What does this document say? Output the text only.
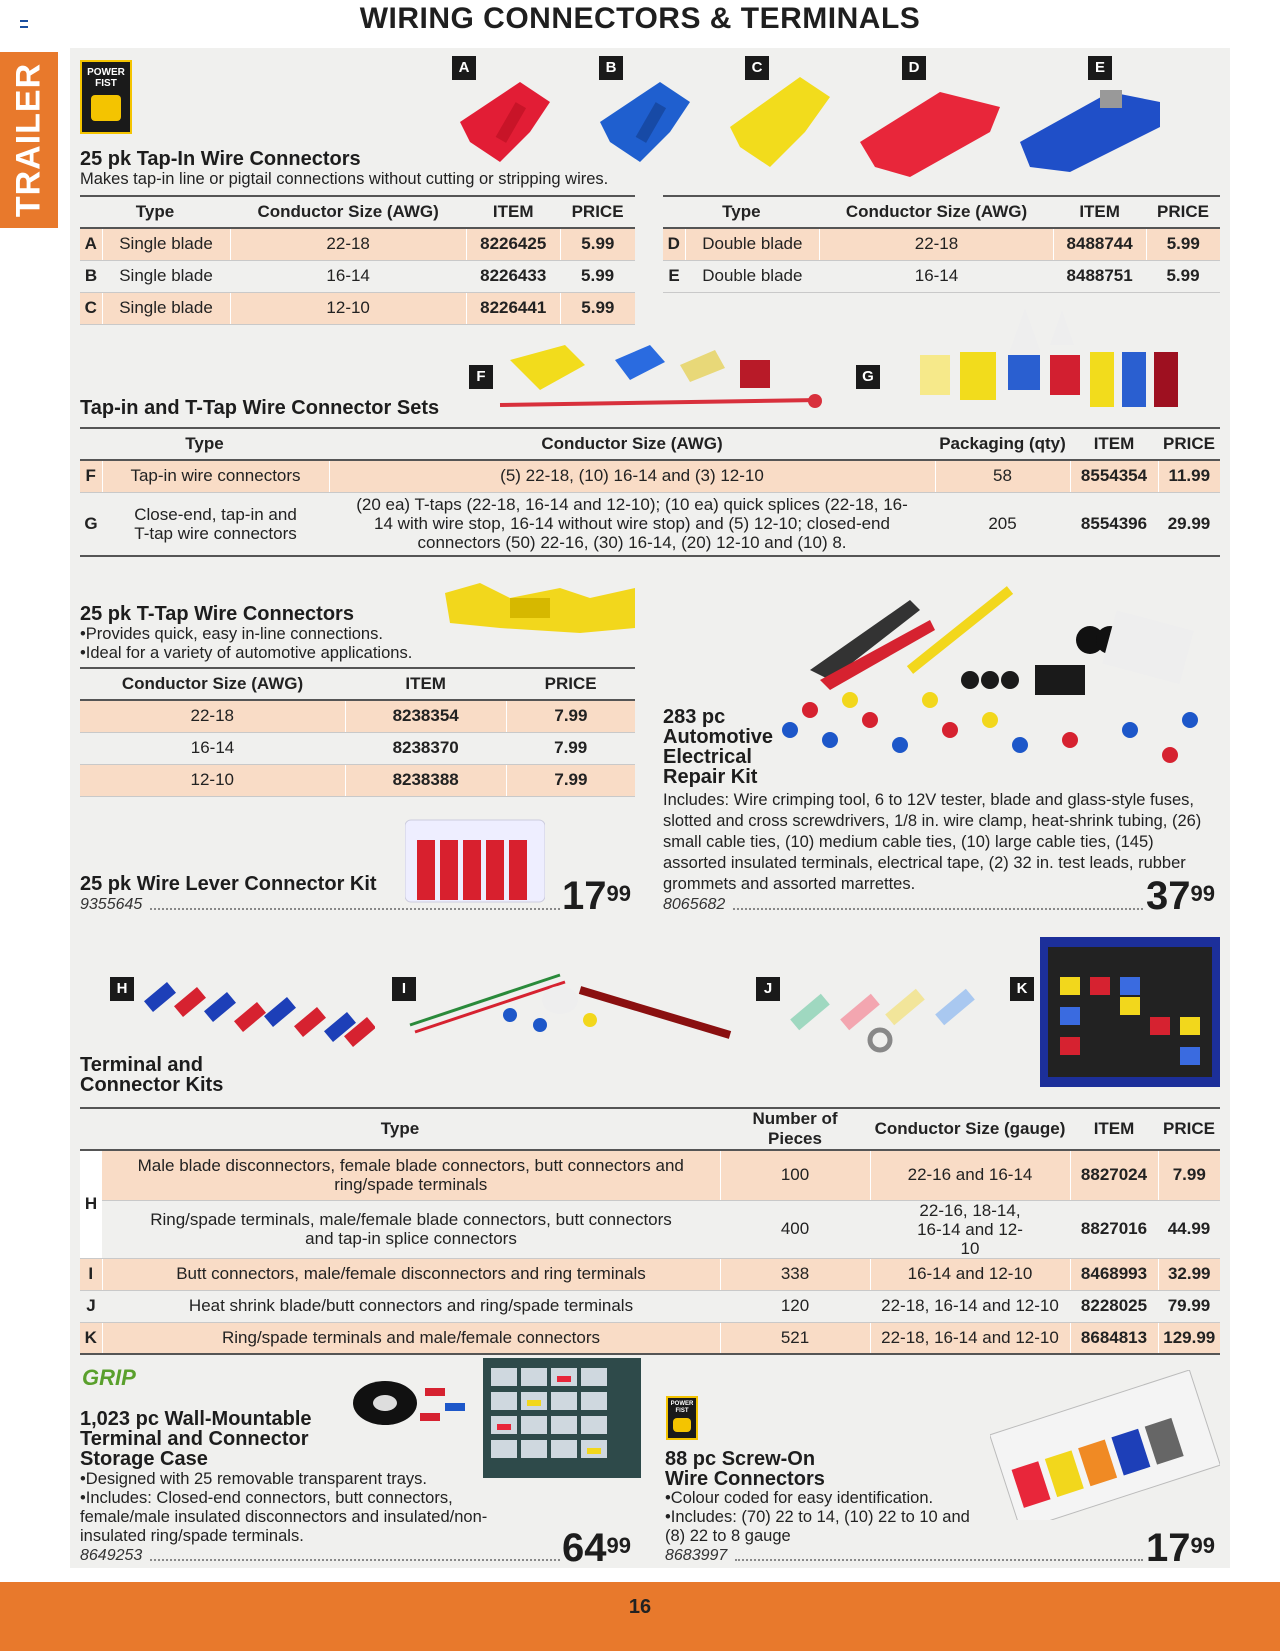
WIRING CONNECTORS & TERMINALS
TRAILER	POWER FIST
A	B	C	D	E
25 pk Tap-In Wire Connectors
Makes tap-in line or pigtail connections without cutting or stripping wires.
Type		Conductor Size (AWG)	ITEM	PRICE
A	Single blade	22-18	8226425	5.99
B	Single blade	16-14	8226433	5.99
C	Single blade	12-10	8226441	5.99
Type		Conductor Size (AWG)	ITEM	PRICE
D	Double blade	22-18	8488744	5.99
E	Double blade	16-14	8488751	5.99
F	G
Tap-in and T-Tap Wire Connector Sets
Type		Conductor Size (AWG)	Packaging (qty)	ITEM	PRICE
F	Tap-in wire connectors	(5) 22-18, (10) 16-14 and (3) 12-10	58	8554354	11.99
G	Close-end, tap-in and T-tap wire connectors	(20 ea) T-taps (22-18, 16-14 and 12-10); (10 ea) quick splices (22-18, 16-14 with wire stop, 16-14 without wire stop) and (5) 12-10; closed-end connectors (50) 22-16, (30) 16-14, (20) 12-10 and (10) 8.	205	8554396	29.99
25 pk T-Tap Wire Connectors
•Provides quick, easy in-line connections.
•Ideal for a variety of automotive applications.
Conductor Size (AWG)	ITEM	PRICE
22-18	8238354	7.99
16-14	8238370	7.99
12-10	8238388	7.99
25 pk Wire Lever Connector Kit
9355645	$17^{99}$
283 pc
Automotive
Electrical
Repair Kit
Includes: Wire crimping tool, 6 to 12V tester, blade and glass-style fuses, slotted and cross screwdrivers, 1/8 in. wire clamp, heat-shrink tubing, (26) small cable ties, (10) medium cable ties, (10) large cable ties, (145) assorted insulated terminals, electrical tape, (2) 32 in. test leads, rubber grommets and assorted marrettes.
8065682	$37^{99}$
H	I	J	K
Terminal and
Connector Kits
Type		Number of Pieces	Conductor Size (gauge)	ITEM	PRICE
H	Male blade disconnectors, female blade connectors, butt connectors and ring/spade terminals	100	22-16 and 16-14	8827024	7.99
	Ring/spade terminals, male/female blade connectors, butt connectors and tap-in splice connectors	400	22-16, 18-14, 16-14 and 12-10	8827016	44.99
I	Butt connectors, male/female disconnectors and ring terminals	338	16-14 and 12-10	8468993	32.99
J	Heat shrink blade/butt connectors and ring/spade terminals	120	22-18, 16-14 and 12-10	8228025	79.99
K	Ring/spade terminals and male/female connectors	521	22-18, 16-14 and 12-10	8684813	129.99
GRIP
1,023 pc Wall-Mountable
Terminal and Connector
Storage Case
•Designed with 25 removable transparent trays.
•Includes: Closed-end connectors, butt connectors, female/male insulated disconnectors and insulated/non-insulated ring/spade terminals.
8649253	$64^{99}$
POWER FIST
88 pc Screw-On
Wire Connectors
•Colour coded for easy identification.
•Includes: (70) 22 to 14, (10) 22 to 10 and (8) 22 to 8 gauge
8683997	$17^{99}$
16
